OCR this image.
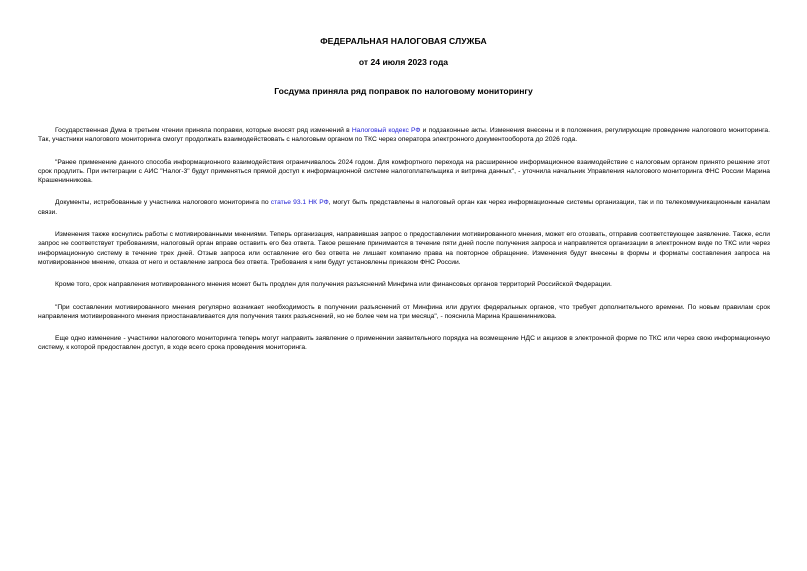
ФЕДЕРАЛЬНАЯ НАЛОГОВАЯ СЛУЖБА
от 24 июля 2023 года
Госдума приняла ряд поправок по налоговому мониторингу

Государственная Дума в третьем чтении приняла поправки, которые вносят ряд изменений в Налоговый кодекс РФ и подзаконные акты. Изменения внесены и в положения, регулирующие проведение налогового мониторинга. Так, участники налогового мониторинга смогут продолжать взаимодействовать с налоговым органом по ТКС через оператора электронного документооборота до 2026 года.

"Ранее применение данного способа информационного взаимодействия ограничивалось 2024 годом. Для комфортного перехода на расширенное информационное взаимодействие с налоговым органом принято решение этот срок продлить. При интеграции с АИС "Налог-3" будут применяться прямой доступ к информационной системе налогоплательщика и витрина данных", - уточнила начальник Управления налогового мониторинга ФНС России Марина Крашенинникова.

Документы, истребованные у участника налогового мониторинга по статье 93.1 НК РФ, могут быть представлены в налоговый орган как через информационные системы организации, так и по телекоммуникационным каналам связи.

Изменения также коснулись работы с мотивированными мнениями. Теперь организация, направившая запрос о предоставлении мотивированного мнения, может его отозвать, отправив соответствующее заявление. Также, если запрос не соответствует требованиям, налоговый орган вправе оставить его без ответа. Такое решение принимается в течение пяти дней после получения запроса и направляется организации в электронном виде по ТКС или через информационную систему в течение трех дней. Отзыв запроса или оставление его без ответа не лишает компанию права на повторное обращение. Изменения будут внесены в формы и форматы составления запроса на мотивированное мнение, отказа от него и оставление запроса без ответа. Требования к ним будут установлены приказом ФНС России.

Кроме того, срок направления мотивированного мнения может быть продлен для получения разъяснений Минфина или финансовых органов территорий Российской Федерации.

"При составлении мотивированного мнения регулярно возникает необходимость в получении разъяснений от Минфина или других федеральных органов, что требует дополнительного времени. По новым правилам срок направления мотивированного мнения приостанавливается для получения таких разъяснений, но не более чем на три месяца", - пояснила Марина Крашенинникова.

Еще одно изменение - участники налогового мониторинга теперь могут направить заявление о применении заявительного порядка на возмещение НДС и акцизов в электронной форме по ТКС или через свою информационную систему, к которой предоставлен доступ, в ходе всего срока проведения мониторинга.
